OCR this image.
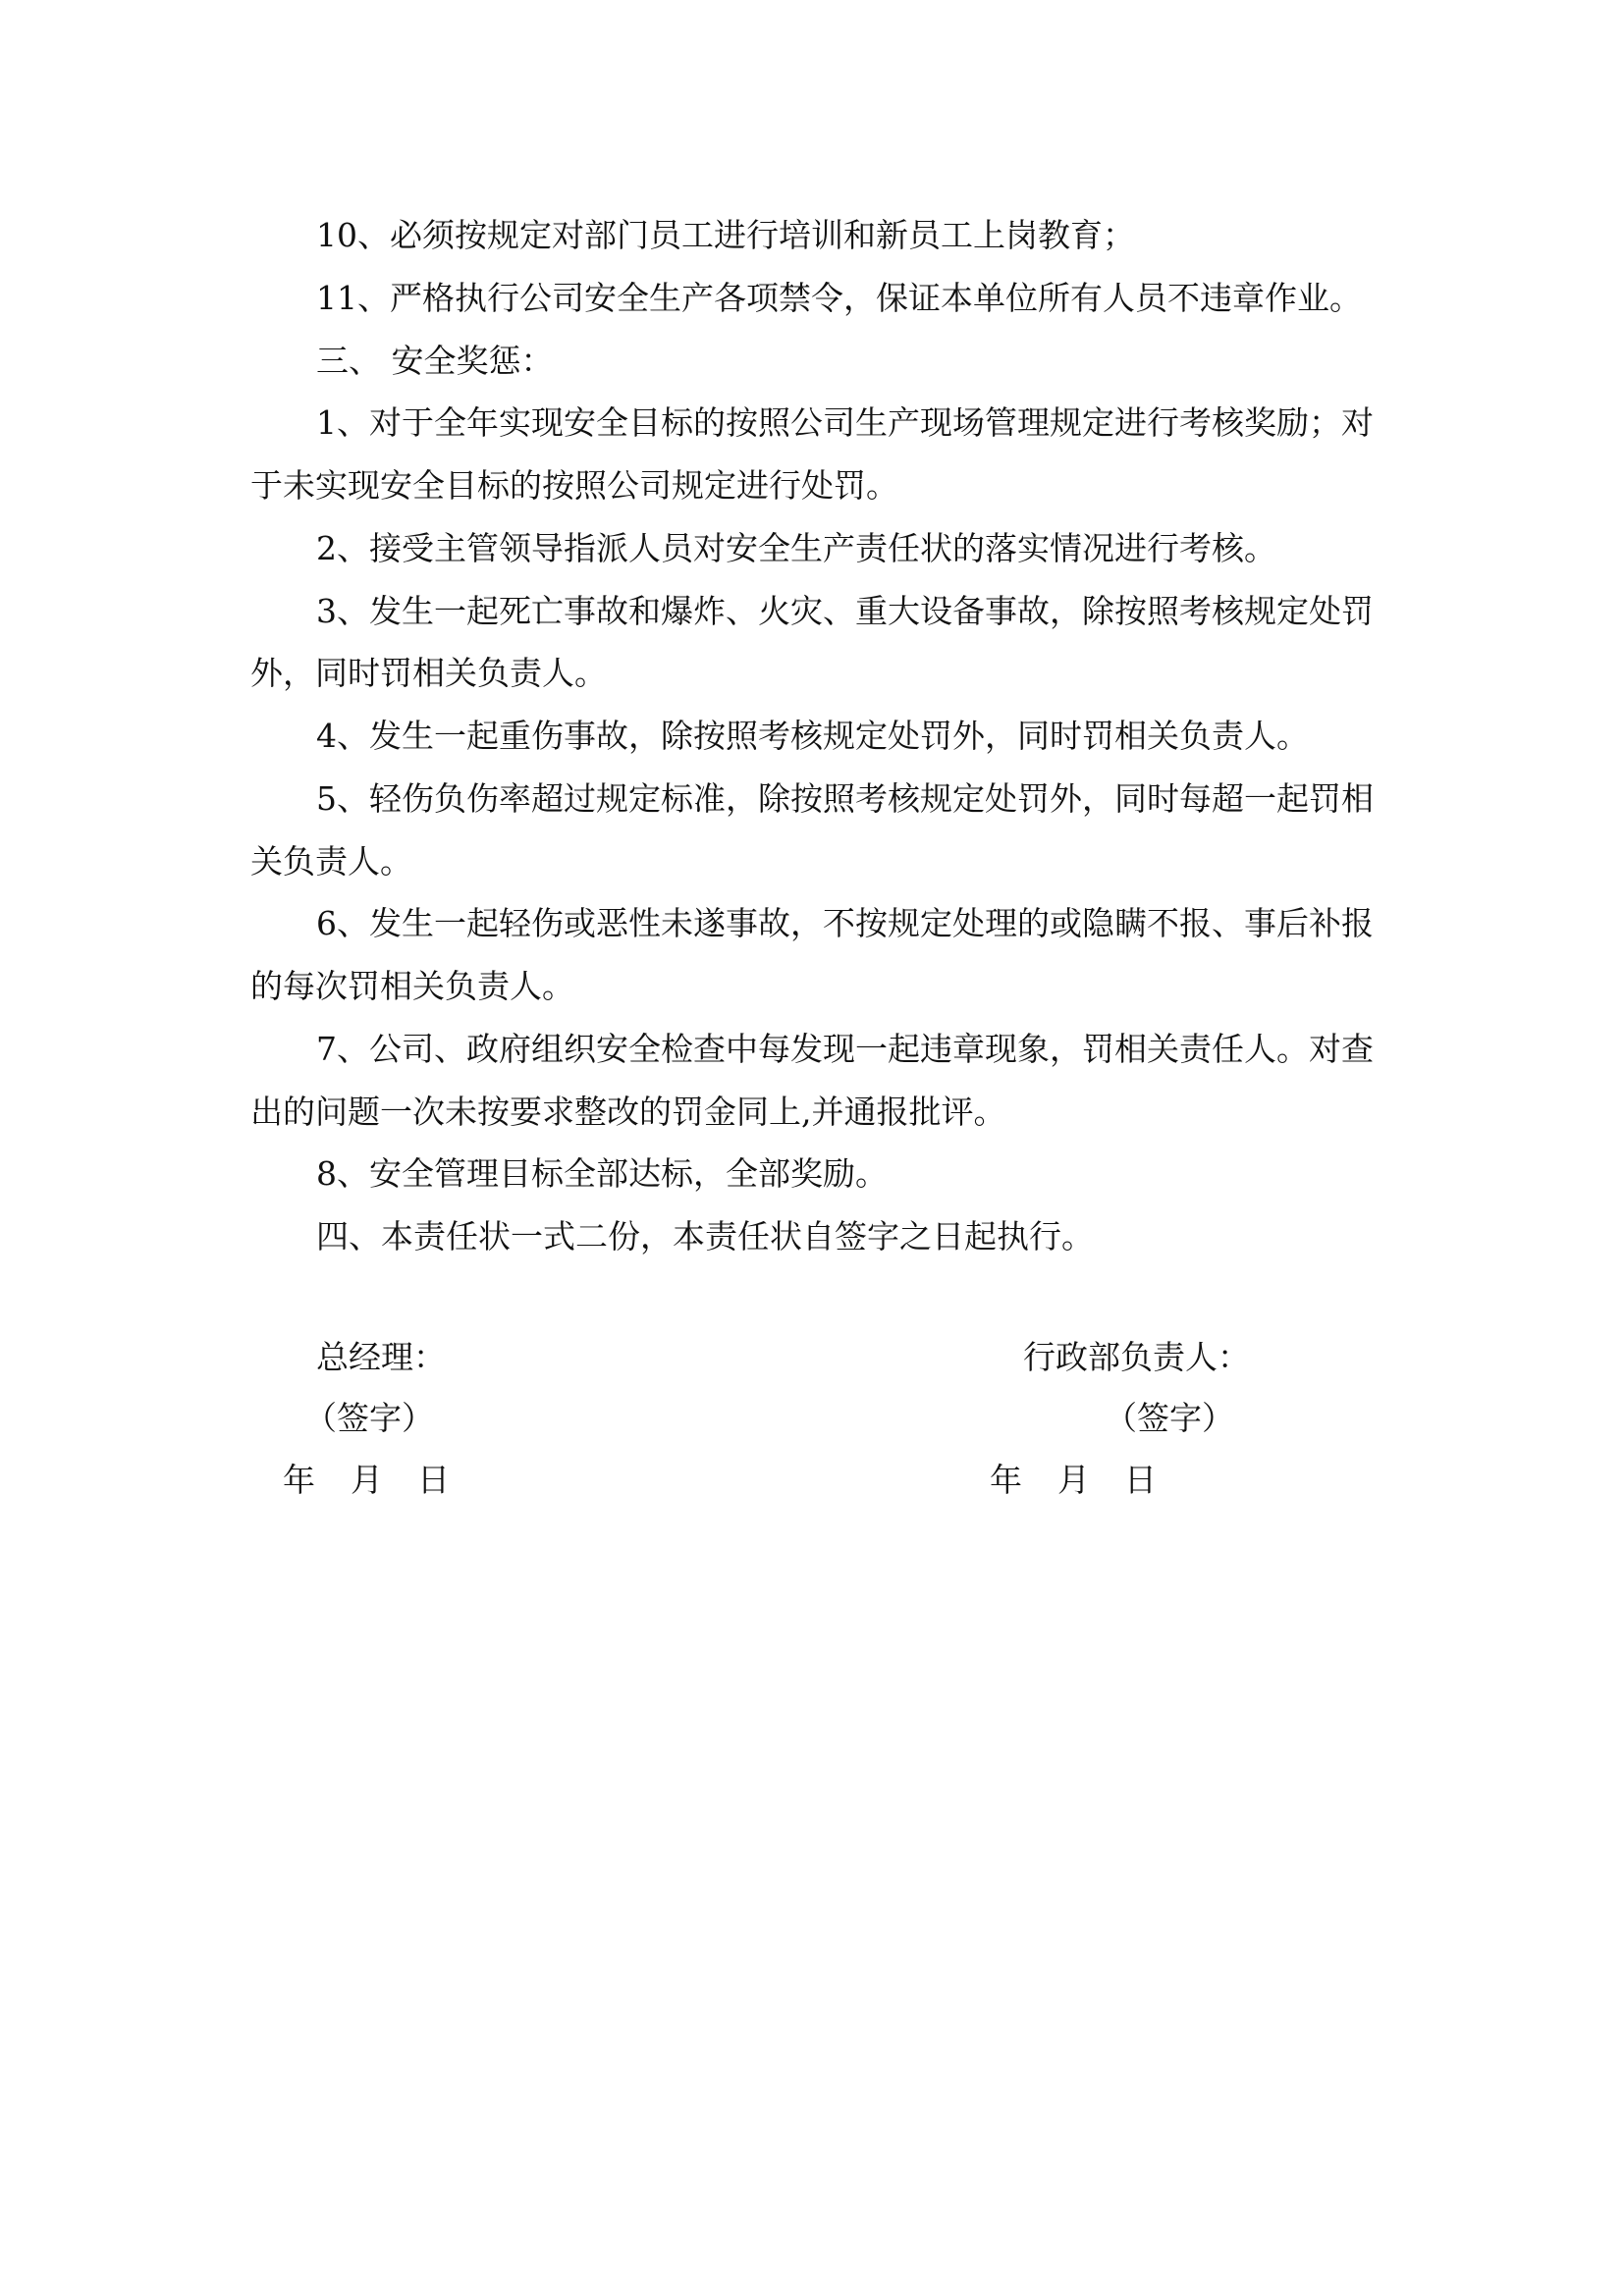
10、必须按规定对部门员工进行培训和新员工上岗教育；
11、严格执行公司安全生产各项禁令，保证本单位所有人员不违章作业。
三、 安全奖惩：
1、对于全年实现安全目标的按照公司生产现场管理规定进行考核奖励；对
于未实现安全目标的按照公司规定进行处罚。
2、接受主管领导指派人员对安全生产责任状的落实情况进行考核。
3、发生一起死亡事故和爆炸、火灾、重大设备事故，除按照考核规定处罚
外，同时罚相关负责人。
4、发生一起重伤事故，除按照考核规定处罚外，同时罚相关负责人。
5、轻伤负伤率超过规定标准，除按照考核规定处罚外，同时每超一起罚相
关负责人。
6、发生一起轻伤或恶性未遂事故，不按规定处理的或隐瞒不报、事后补报
的每次罚相关负责人。
7、公司、政府组织安全检查中每发现一起违章现象，罚相关责任人。对查
出的问题一次未按要求整改的罚金同上,并通报批评。
8、安全管理目标全部达标，全部奖励。
四、本责任状一式二份，本责任状自签字之日起执行。
总经理：
（签字）
年 月 日
行政部负责人：
（签字）
年 月 日
